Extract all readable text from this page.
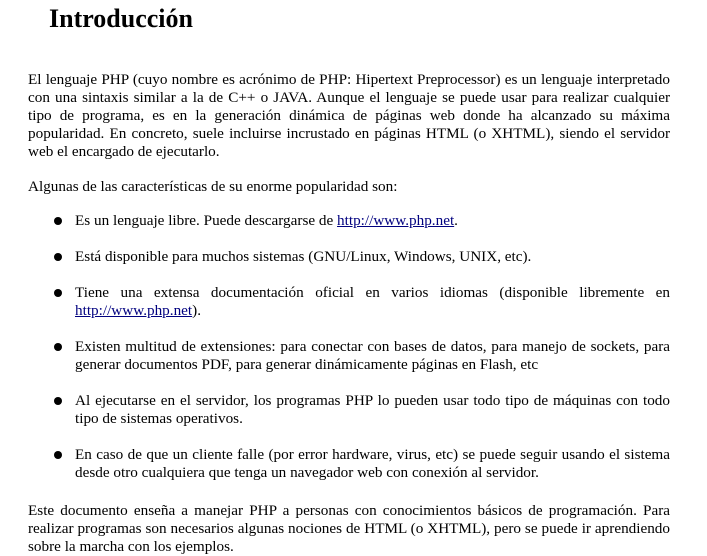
Introducción

El lenguaje PHP (cuyo nombre es acrónimo de PHP: Hipertext Preprocessor) es un lenguaje interpretado con una sintaxis similar a la de C++ o JAVA. Aunque el lenguaje se puede usar para realizar cualquier tipo de programa, es en la generación dinámica de páginas web donde ha alcanzado su máxima popularidad. En concreto, suele incluirse incrustado en páginas HTML (o XHTML), siendo el servidor web el encargado de ejecutarlo.

Algunas de las características de su enorme popularidad son:

Es un lenguaje libre. Puede descargarse de http://www.php.net.
Está disponible para muchos sistemas (GNU/Linux, Windows, UNIX, etc).
Tiene una extensa documentación oficial en varios idiomas (disponible libremente en http://www.php.net).
Existen multitud de extensiones: para conectar con bases de datos, para manejo de sockets, para generar documentos PDF, para generar dinámicamente páginas en Flash, etc
Al ejecutarse en el servidor, los programas PHP lo pueden usar todo tipo de máquinas con todo tipo de sistemas operativos.
En caso de que un cliente falle (por error hardware, virus, etc) se puede seguir usando el sistema desde otro cualquiera que tenga un navegador web con conexión al servidor.

Este documento enseña a manejar PHP a personas con conocimientos básicos de programación. Para realizar programas son necesarios algunas nociones de HTML (o XHTML), pero se puede ir aprendiendo sobre la marcha con los ejemplos.
